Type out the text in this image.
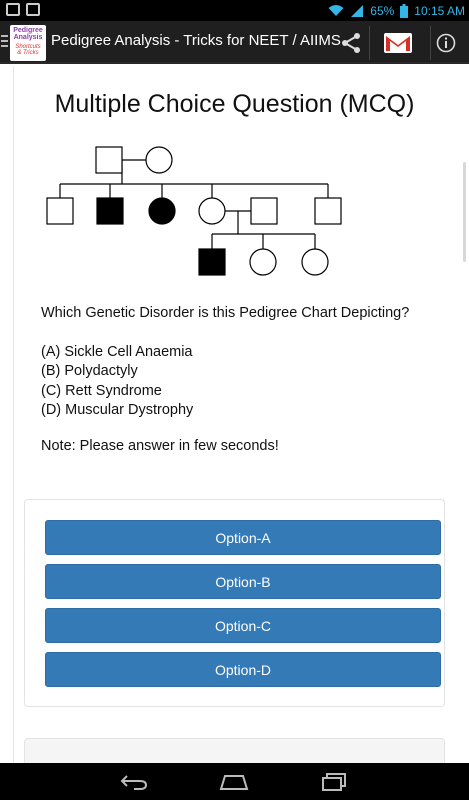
65% 10:15 AM
Pedigree
Analysis
Shortcuts
& Tricks
Pedigree Analysis - Tricks for NEET / AIIMS
Multiple Choice Question (MCQ)
Which Genetic Disorder is this Pedigree Chart Depicting?
(A) Sickle Cell Anaemia
(B) Polydactyly
(C) Rett Syndrome
(D) Muscular Dystrophy
Note: Please answer in few seconds!
Option-A
Option-B
Option-C
Option-D
